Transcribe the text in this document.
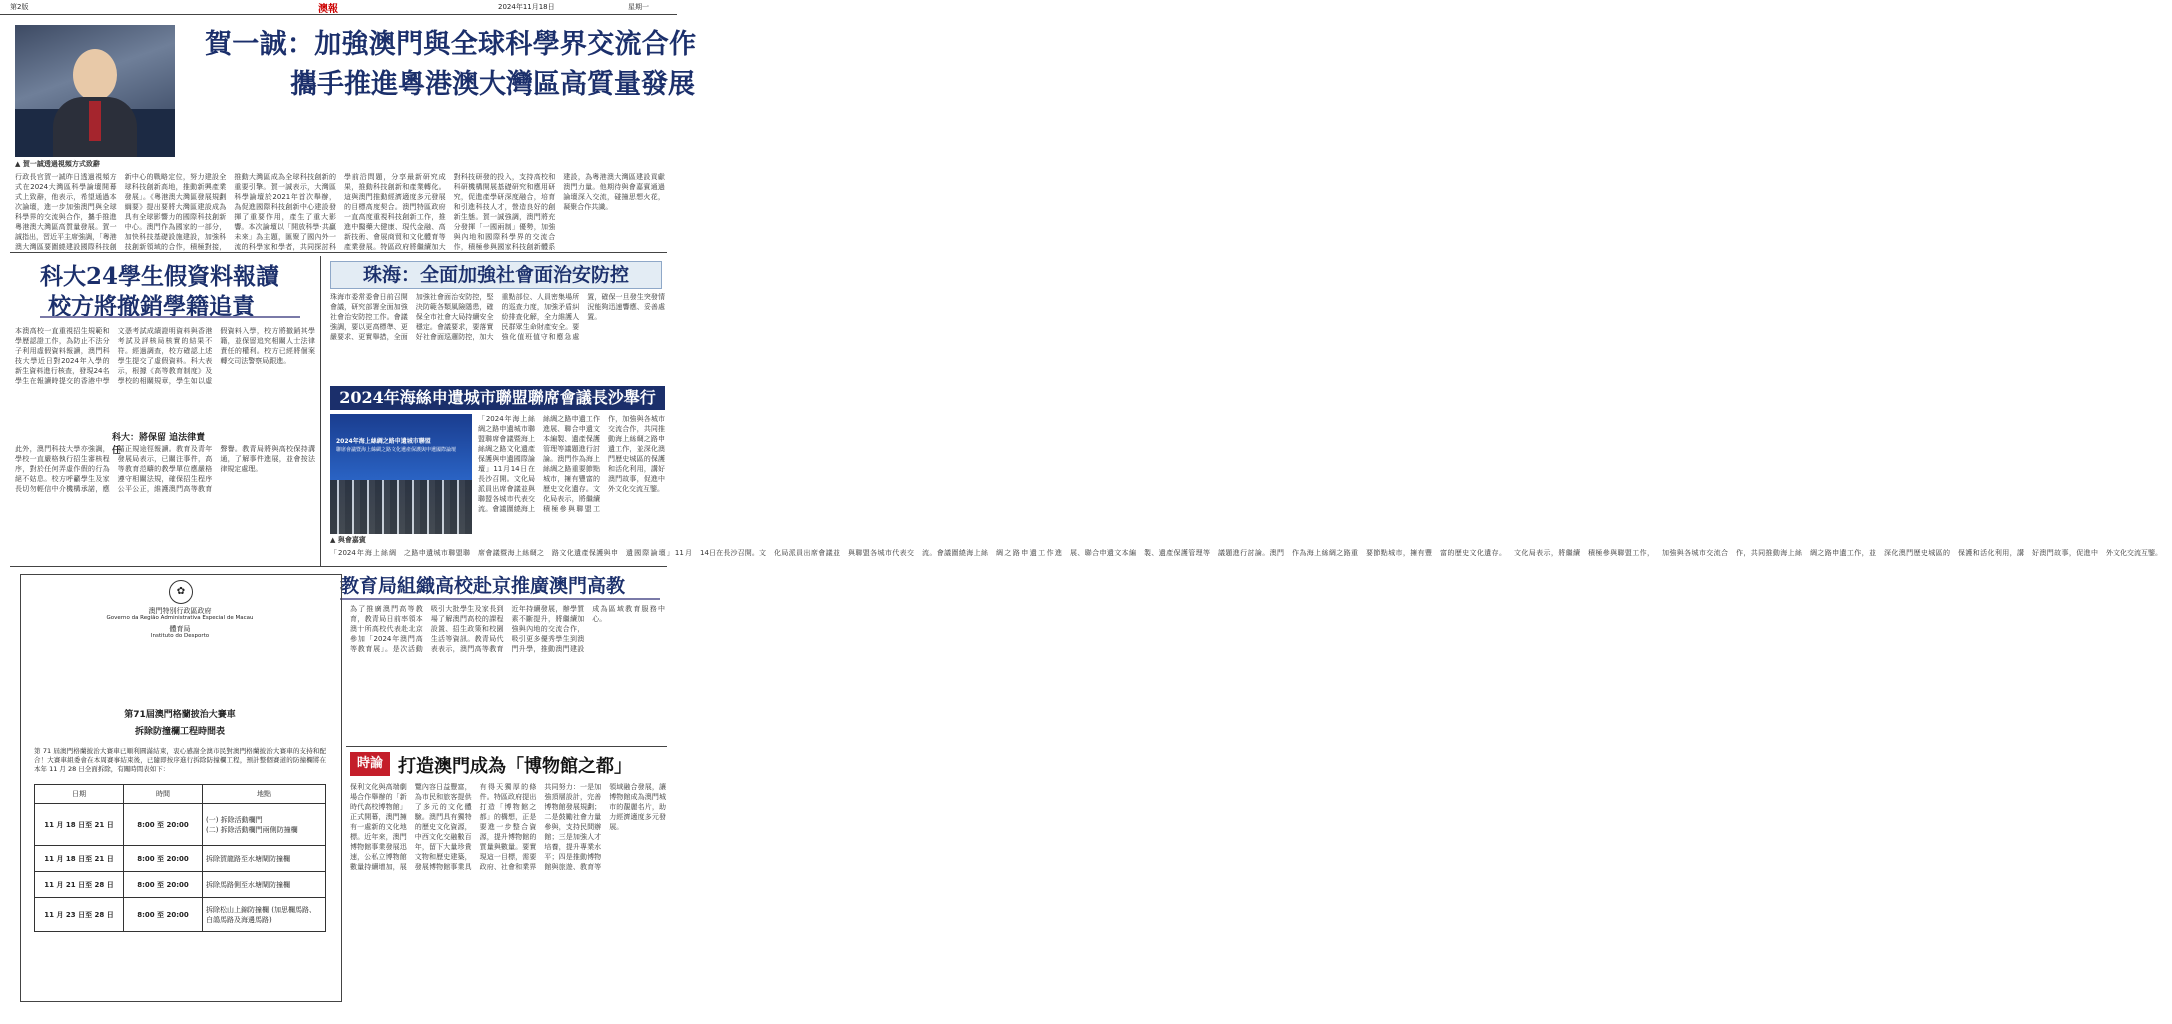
第2版	澳報	2024年11月18日	星期一
▲ 賀一誠透過視頻方式致辭
賀一誠：加強澳門與全球科學界交流合作
攜手推進粵港澳大灣區高質量發展
行政長官賀一誠昨日透過視頻方式在2024大灣區科學論壇開幕式上致辭，他表示，希望通過本次論壇，進一步加強澳門與全球科學界的交流與合作，攜手推進粵港澳大灣區高質量發展。賀一誠指出，習近平主席強調，「粵港澳大灣區要圍繞建設國際科技創新中心的戰略定位，努力建設全球科技創新高地，推動新興產業發展」。《粵港澳大灣區發展規劃綱要》提出要將大灣區建設成為具有全球影響力的國際科技創新中心。澳門作為國家的一部分，加快科技基礎設施建設，加強科技創新領域的合作，積極對接，推動大灣區成為全球科技創新的重要引擎。賀一誠表示，大灣區科學論壇於2021年首次舉辦，為促進國際科技創新中心建設發揮了重要作用，產生了重大影響。本次論壇以「開放科學·共贏未來」為主題，匯聚了國內外一流的科學家和學者，共同探討科學前沿問題，分享最新研究成果，推動科技創新和產業轉化。這與澳門推動經濟適度多元發展的目標高度契合。澳門特區政府一直高度重視科技創新工作，推進中醫藥大健康、現代金融、高新技術、會展商貿和文化體育等產業發展。特區政府將繼續加大對科技研發的投入，支持高校和科研機構開展基礎研究和應用研究，促進產學研深度融合，培育和引進科技人才，營造良好的創新生態。賀一誠強調，澳門將充分發揮「一國兩制」優勢，加強與內地和國際科學界的交流合作，積極參與國家科技創新體系建設，為粵港澳大灣區建設貢獻澳門力量。他期待與會嘉賓通過論壇深入交流，碰撞思想火花，凝聚合作共識。
科大24學生假資料報讀
校方將撤銷學籍追責
本澳高校一直重視招生規範和學歷認證工作，為防止不法分子利用虛假資料報讀，澳門科技大學近日對2024年入學的新生資料進行核查，發現24名學生在報讀時提交的香港中學文憑考試成績證明資料與香港考試及評核局核實的結果不符。經過調查，校方確認上述學生提交了虛假資料。科大表示，根據《高等教育制度》及學校的相關規章，學生如以虛假資料入學，校方將撤銷其學籍，並保留追究相關人士法律責任的權利。校方已經將個案轉交司法警察局跟進。
科大：將保留 追法律責任
此外，澳門科技大學亦強調，學校一直嚴格執行招生審核程序，對於任何弄虛作假的行為絕不姑息。校方呼籲學生及家長切勿輕信中介機構承諾，應循正規途徑報讀。教育及青年發展局表示，已關注事件，高等教育范疇的教學單位應嚴格遵守相關法規，確保招生程序公平公正，維護澳門高等教育聲譽。教青局將與高校保持溝通，了解事件進展，並會按法律規定處理。
珠海：全面加強社會面治安防控
珠海市委常委會日前召開會議，研究部署全面加強社會治安防控工作。會議強調，要以更高標準、更嚴要求、更實舉措，全面加強社會面治安防控，堅決防範各類風險隱患，確保全市社會大局持續安全穩定。會議要求，要落實好社會面巡邏防控，加大重點部位、人員密集場所的巡查力度，加強矛盾糾紛排查化解，全力維護人民群眾生命財產安全。要強化值班值守和應急處置，確保一旦發生突發情況能夠迅速響應、妥善處置。
2024年海絲申遺城市聯盟聯席會議長沙舉行
2024年海上絲綢之路申遺城市聯盟
聯席會議暨海上絲綢之路文化遺產保護與申遺國際論壇
▲ 與會嘉賓
「2024年海上絲綢之路申遺城市聯盟聯席會議暨海上絲綢之路文化遺產保護與申遺國際論壇」11月14日在長沙召開。文化局派員出席會議並與聯盟各城市代表交流。會議圍繞海上絲綢之路申遺工作進展、聯合申遺文本編製、遺產保護管理等議題進行討論。澳門作為海上絲綢之路重要節點城市，擁有豐富的歷史文化遺存。文化局表示，將繼續積極參與聯盟工作，加強與各城市交流合作，共同推動海上絲綢之路申遺工作，並深化澳門歷史城區的保護和活化利用，講好澳門故事，促進中外文化交流互鑒。
「2024年海上絲綢之路申遺城市聯盟聯席會議暨海上絲綢之路文化遺產保護與申遺國際論壇」11月14日在長沙召開。文化局派員出席會議並與聯盟各城市代表交流。會議圍繞海上絲綢之路申遺工作進展、聯合申遺文本編製、遺產保護管理等議題進行討論。澳門作為海上絲綢之路重要節點城市，擁有豐富的歷史文化遺存。文化局表示，將繼續積極參與聯盟工作，加強與各城市交流合作，共同推動海上絲綢之路申遺工作，並深化澳門歷史城區的保護和活化利用，講好澳門故事，促進中外文化交流互鑒。
教育局組織高校赴京推廣澳門高教
為了推廣澳門高等教育，教青局日前率領本澳十所高校代表赴北京參加「2024年澳門高等教育展」。是次活動吸引大批學生及家長到場了解澳門高校的課程設置、招生政策和校園生活等資訊。教青局代表表示，澳門高等教育近年持續發展，辦學質素不斷提升，將繼續加強與內地的交流合作，吸引更多優秀學生到澳門升學，推動澳門建設成為區域教育服務中心。
✿
澳門特別行政區政府
Governo da Região Administrativa Especial de Macau
體育局
Instituto do Desporto
第71屆澳門格蘭披治大賽車
拆除防撞欄工程時間表
第 71 屆澳門格蘭披治大賽車已順利圓滿結束，衷心感謝全澳市民對澳門格蘭披治大賽車的支持和配合！大賽車組委會在本周賽事結束後，已隨即按序進行拆除防撞欄工程，預計整個賽道的防撞欄將在本年 11 月 28 日全面拆除，有關時間表如下：
日期	時間	地點
11 月 18 日至 21 日	8:00 至 20:00	(一) 拆除活動欄門
(二) 拆除活動欄門兩側防撞欄
11 月 18 日至 21 日	8:00 至 20:00	拆除賀龍路至水塘閘防撞欄
11 月 21 日至 28 日	8:00 至 20:00	拆除馬路側至水塘閘防撞欄
11 月 23 日至 28 日	8:00 至 20:00	拆除松山上錦防撞欄 (加思欄馬路、白鴿馬路及海邊馬路)
時論 打造澳門成為「博物館之都」
保利文化與高端劇場合作舉辦的「新時代高校博物館」正式開幕，澳門擁有一處新的文化地標。近年來，澳門博物館事業發展迅速，公私立博物館數量持續增加，展覽內容日益豐富，為市民和旅客提供了多元的文化體驗。澳門具有獨特的歷史文化資源，中西文化交融數百年，留下大量珍貴文物和歷史建築，發展博物館事業具有得天獨厚的條件。特區政府提出打造「博物館之都」的構想，正是要進一步整合資源，提升博物館的質量與數量。要實現這一目標，需要政府、社會和業界共同努力：一是加強頂層設計，完善博物館發展規劃；二是鼓勵社會力量參與，支持民間辦館；三是加強人才培養，提升專業水平；四是推動博物館與旅遊、教育等領域融合發展，讓博物館成為澳門城市的靚麗名片，助力經濟適度多元發展。
